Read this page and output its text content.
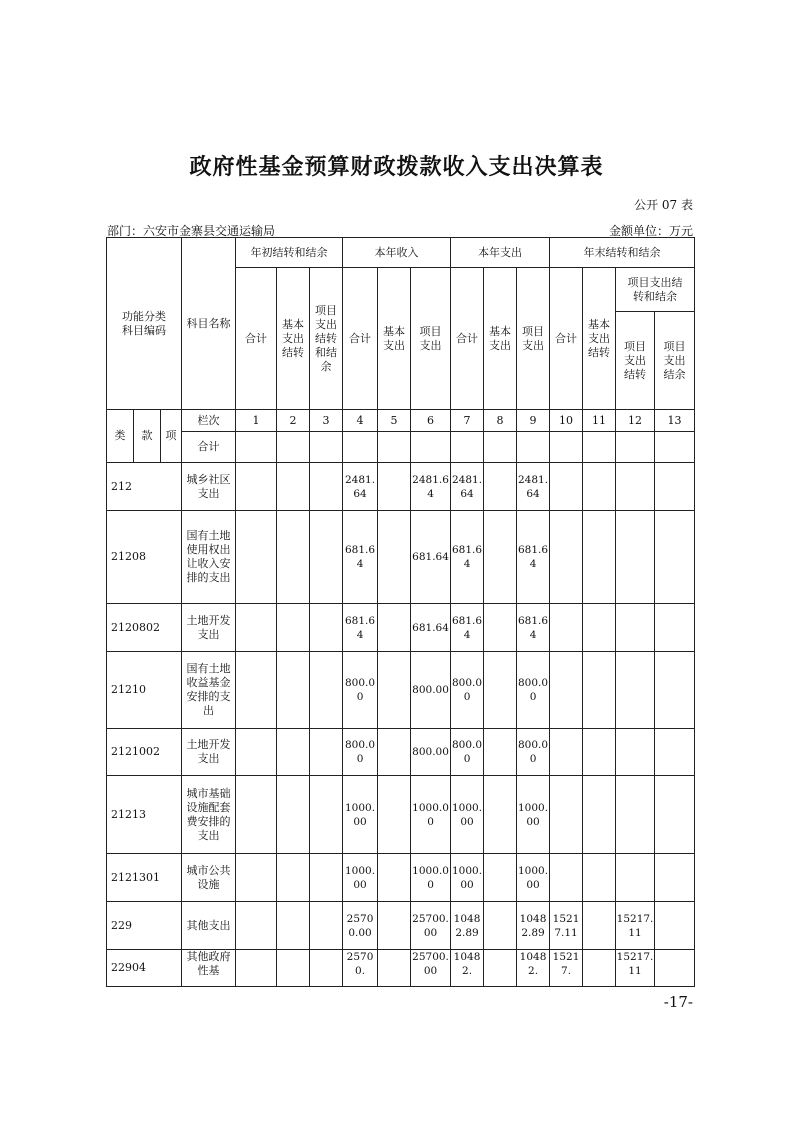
政府性基金预算财政拨款收入支出决算表
公开 07 表
部门：六安市金寨县交通运输局	金额单位：万元
功能分类科目编码			科目名称	年初结转和结余			本年收入			本年支出			年末结转和结余			
				合计	基本支出结转	项目支出结转和结余	合计	基本支出	项目支出	合计	基本支出	项目支出	合计	基本支出结转	项目支出结转和结余	
															项目支出结转	项目支出结余
类	款	项	栏次	1	2	3	4	5	6	7	8	9	10	11	12	13
			合计													
212			城乡社区支出				2481.64		2481.64	2481.64		2481.64				
21208			国有土地使用权出让收入安排的支出				681.64		681.64	681.64		681.64				
2120802			土地开发支出				681.64		681.64	681.64		681.64				
21210			国有土地收益基金安排的支出				800.00		800.00	800.00		800.00				
2121002			土地开发支出				800.00		800.00	800.00		800.00				
21213			城市基础设施配套费安排的支出				1000.00		1000.00	1000.00		1000.00				
2121301			城市公共设施				1000.00		1000.00	1000.00		1000.00				
229			其他支出				25700.00		25700.00	10482.89		10482.89	15217.11		15217.11	
22904			其他政府性基				25700.		25700.00	10482.		10482.	15217.		15217.11	
-17-
